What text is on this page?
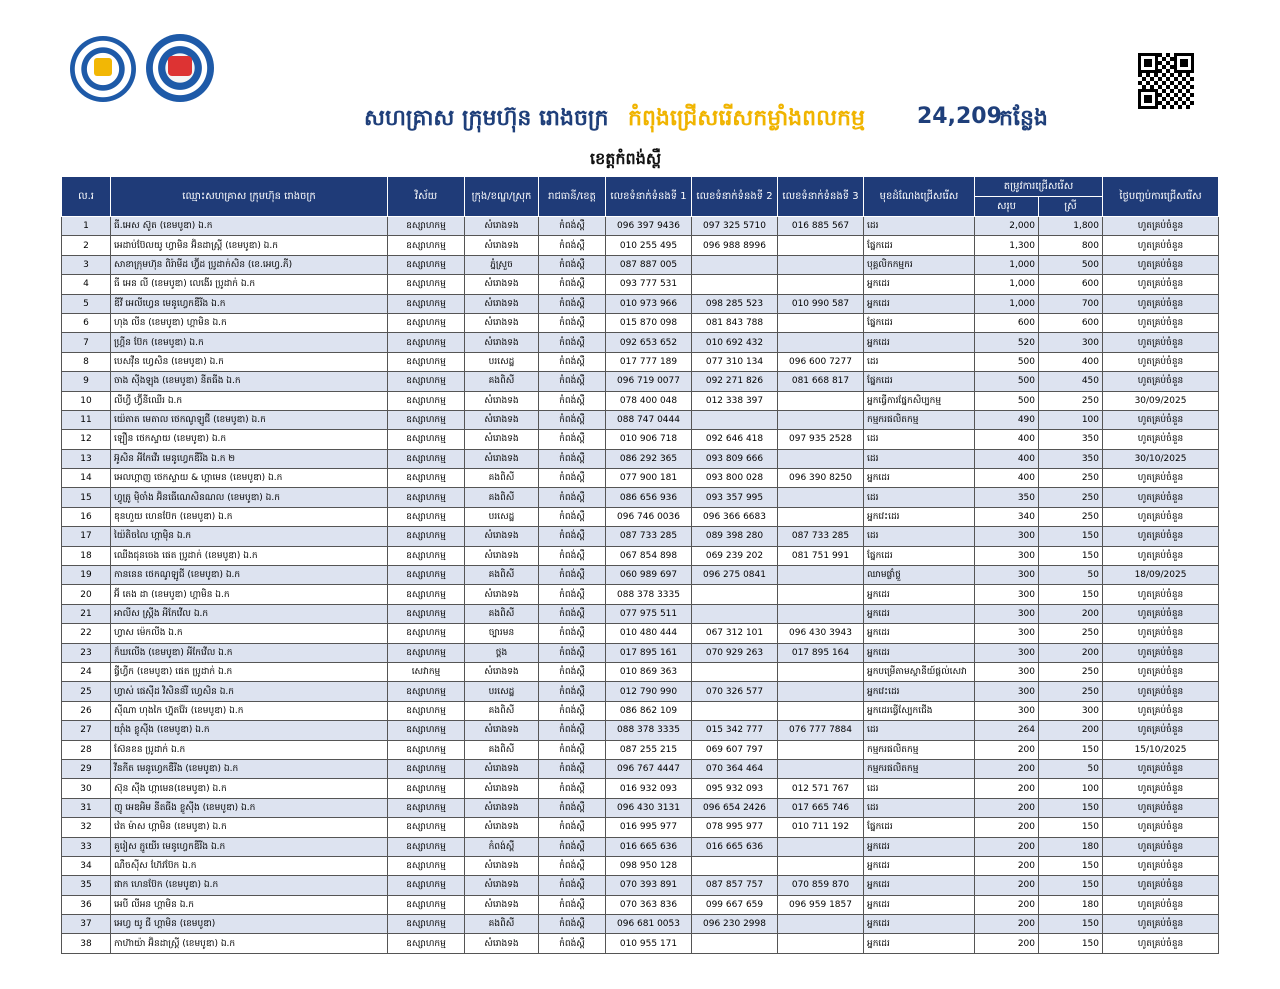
សហគ្រាស ក្រុមហ៊ុន រោងចក្រ កំពុងជ្រើសរើសកម្លាំងពលកម្ម 24,209
កន្លែង
ខេត្តកំពង់ស្ពឺ
ល.រ	ឈ្មោះសហគ្រាស ក្រុមហ៊ុន រោងចក្រ	វិស័យ	ក្រុង/ខណ្ឌ/ស្រុក	រាជធានី/ខេត្ត	លេខទំនាក់ទំនងទី 1	លេខទំនាក់ទំនងទី 2	លេខទំនាក់ទំនងទី 3	មុខដំណែងជ្រើសរើស	តម្រូវការជ្រើសរើស		ថ្ងៃបញ្ចប់ការជ្រើសរើស
									សរុប	ស្រី	
1	ធី.អេស ស៊ូត (ខេមបូឌា) ឯ.ក	ឧស្សាហកម្ម	សំរោងទង	កំពង់ស្ពឺ	096 397 9436	097 325 5710	016 885 567	ដេរ	2,000	1,800	ហូតគ្រប់ចំនួន
2	អេដាប់ប៊ែលយូ ហ្វាមិន អ៊ិនដាស្ត្រី (ខេមបូឌា) ឯ.ក	ឧស្សាហកម្ម	សំរោងទង	កំពង់ស្ពឺ	010 255 495	096 988 8996		ផ្នែកដេរ	1,300	800	ហូតគ្រប់ចំនួន
3	សាខាក្រុមហ៊ុន ពិរ៉ាមីដ ហ្វ៊ីដ ប្រូដាក់សិន (ខេ.អេហ្វ.ភី)	ឧស្សាហកម្ម	ភ្នំស្រួច	កំពង់ស្ពឺ	087 887 005			បុគ្គលិកកម្មករ	1,000	500	ហូតគ្រប់ចំនួន
4	ធី អេន លី (ខេមបូឌា) លេងើរ ប្រូដាក់ ឯ.ក	ឧស្សាហកម្ម	សំរោងទង	កំពង់ស្ពឺ	093 777 531			អ្នកដេរ	1,000	600	ហូតគ្រប់ចំនួន
5	ឌីវី អេលីហ្វេន មេនូហ្វេកឌឺរីង ឯ.ក	ឧស្សាហកម្ម	សំរោងទង	កំពង់ស្ពឺ	010 973 966	098 285 523	010 990 587	អ្នកដេរ	1,000	700	ហូតគ្រប់ចំនួន
6	ហុង លីន (ខេមបូឌា) ហ្គាមិន ឯ.ក	ឧស្សាហកម្ម	សំរោងទង	កំពង់ស្ពឺ	015 870 098	081 843 788		ផ្នែកដេរ	600	600	ហូតគ្រប់ចំនួន
7	ហ្គ្រីន ប៊ែក (ខេមបូឌា) ឯ.ក	ឧស្សាហកម្ម	សំរោងទង	កំពង់ស្ពឺ	092 653 652	010 692 432		អ្នកដេរ	520	300	ហូតគ្រប់ចំនួន
8	បេសវ៉ីន ហ្វេសិន (ខេមបូឌា) ឯ.ក	ឧស្សាហកម្ម	បរសេដ្ឋ	កំពង់ស្ពឺ	017 777 189	077 310 134	096 600 7277	ដេរ	500	400	ហូតគ្រប់ចំនួន
9	ចាង ស៊ីងឡុង (ខេមបូឌា) នីតធីង ឯ.ក	ឧស្សាហកម្ម	គងពិសី	កំពង់ស្ពឺ	096 719 0077	092 271 826	081 668 817	ផ្នែកដេរ	500	450	ហូតគ្រប់ចំនួន
10	លីហ្វី ហ្វ៊ីនីឈើរ ឯ.ក	ឧស្សាហកម្ម	សំរោងទង	កំពង់ស្ពឺ	078 400 048	012 338 397		អ្នកធ្វើការផ្នែកសិប្បកម្ម	500	250	30/09/2025
11	យ៉េតាត មេតាល ថេកណូឡូជី (ខេមបូឌា) ឯ.ក	ឧស្សាហកម្ម	សំរោងទង	កំពង់ស្ពឺ	088 747 0444			កម្មករផលិតកម្ម	490	100	ហូតគ្រប់ចំនួន
12	ឡឿន ថេកស្ទាយ (ខេមបូឌា) ឯ.ក	ឧស្សាហកម្ម	សំរោងទង	កំពង់ស្ពឺ	010 906 718	092 646 418	097 935 2528	ដេរ	400	350	ហូតគ្រប់ចំនួន
13	អ៊ូសិន អីកែវើរ មេនូហ្វេកឌឺរីង ឯ.ក ២	ឧស្សាហកម្ម	សំរោងទង	កំពង់ស្ពឺ	086 292 365	093 809 666		ដេរ	400	350	30/10/2025
14	អេលហ្គាញ ថេកស្ទាយ & ហ្គាមេន (ខេមបូឌា) ឯ.ក	ឧស្សាហកម្ម	គងពិសី	កំពង់ស្ពឺ	077 900 181	093 800 028	096 390 8250	អ្នកដេរ	400	250	ហូតគ្រប់ចំនួន
15	ហ្វូត្រូ ម៉ិចាំង អ៊ិនធើណេសិនណល (ខេមបូឌា) ឯ.ក	ឧស្សាហកម្ម	គងពិសី	កំពង់ស្ពឺ	086 656 936	093 357 995		ដេរ	350	250	ហូតគ្រប់ចំនួន
16	ឌុនហួយ ហេនប៊ែក (ខេមបូឌា) ឯ.ក	ឧស្សាហកម្ម	បរសេដ្ឋ	កំពង់ស្ពឺ	096 746 0036	096 366 6683		អ្នកវេះដេរ	340	250	ហូតគ្រប់ចំនួន
17	យ៉ៃតិចលៃ ហ្គាម៉ិន ឯ.ក	ឧស្សាហកម្ម	សំរោងទង	កំពង់ស្ពឺ	087 733 285	089 398 280	087 733 285	ដេរ	300	150	ហូតគ្រប់ចំនួន
18	ឈើងជុនចេង ផេត ប្រូដាក់ (ខេមបូឌា) ឯ.ក	ឧស្សាហកម្ម	សំរោងទង	កំពង់ស្ពឺ	067 854 898	069 239 202	081 751 991	ផ្នែកដេរ	300	150	ហូតគ្រប់ចំនួន
19	កាននេន ថេកណូឡូជី (ខេមបូឌា) ឯ.ក	ឧស្សាហកម្ម	គងពិសី	កំពង់ស្ពឺ	060 989 697	096 275 0841		ឈាមផ្លាំថ្លួ	300	50	18/09/2025
20	អ៊ី តេង ដា (ខេមបូឌា) ហ្គាមិន ឯ.ក	ឧស្សាហកម្ម	សំរោងទង	កំពង់ស្ពឺ	088 378 3335			អ្នកដេរ	300	150	ហូតគ្រប់ចំនួន
21	អាលីស ស្ត្រីង អីកែវើល ឯ.ក	ឧស្សាហកម្ម	គងពិសី	កំពង់ស្ពឺ	077 975 511			អ្នកដេរ	300	200	ហូតគ្រប់ចំនួន
22	ហ្វាស ម៉េកលីង ឯ.ក	ឧស្សាហកម្ម	ច្បារមន	កំពង់ស្ពឺ	010 480 444	067 312 101	096 430 3943	អ្នកដេរ	300	250	ហូតគ្រប់ចំនួន
23	ក៏ឃលើង (ខេមបូឌា) អីកែវើល ឯ.ក	ឧស្សាហកម្ម	ថ្ពង	កំពង់ស្ពឺ	017 895 161	070 929 263	017 895 164	អ្នកដេរ	300	200	ហូតគ្រប់ចំនួន
24	ផ្វីហ្វីក (ខេមបូឌា) ផេត ប្រូដាក់ ឯ.ក	សេវាកម្ម	សំរោងទង	កំពង់ស្ពឺ	010 869 363			អ្នកបម្រើតាមស្ថានីយ៍ផ្តល់សេវា	300	250	ហូតគ្រប់ចំនួន
25	ហ្វាស់ ផេស៊ីដ វិសិនន័រី ហ្វេសិន ឯ.ក	ឧស្សាហកម្ម	បរសេដ្ឋ	កំពង់ស្ពឺ	012 790 990	070 326 577		អ្នកវេះដេរ	300	250	ហូតគ្រប់ចំនួន
26	ស៊ីណា ហុងកៃ ហ្វ៊ុតវ៉ែរ (ខេមបូឌា) ឯ.ក	ឧស្សាហកម្ម	គងពិសី	កំពង់ស្ពឺ	086 862 109			អ្នកដេរធ្វើស្បែកជើង	300	300	ហូតគ្រប់ចំនួន
27	យ៉ាំង ខ្លូស៊ីង (ខេមបូឌា) ឯ.ក	ឧស្សាហកម្ម	សំរោងទង	កំពង់ស្ពឺ	088 378 3335	015 342 777	076 777 7884	ដេរ	264	200	ហូតគ្រប់ចំនួន
28	ស៊ែនខន ប្រូដាក់ ឯ.ក	ឧស្សាហកម្ម	គងពិសី	កំពង់ស្ពឺ	087 255 215	069 607 797		កម្មករផលិតកម្ម	200	150	15/10/2025
29	វីនកីត មេនូហ្វេកឌឺរីង (ខេមបូឌា) ឯ.ក	ឧស្សាហកម្ម	សំរោងទង	កំពង់ស្ពឺ	096 767 4447	070 364 464		កម្មករផលិតកម្ម	200	50	ហូតគ្រប់ចំនួន
30	ស៊ុន ស៊ីង ហ្គាមេន(ខេមបូឌា) ឯ.ក	ឧស្សាហកម្ម	សំរោងទង	កំពង់ស្ពឺ	016 932 093	095 932 093	012 571 767	ដេរ	200	100	ហូតគ្រប់ចំនួន
31	ញូ អេឌអិម នីតធីង ខ្លូស៊ីង (ខេមបូឌា) ឯ.ក	ឧស្សាហកម្ម	សំរោងទង	កំពង់ស្ពឺ	096 430 3131	096 654 2426	017 665 746	ដេរ	200	150	ហូតគ្រប់ចំនួន
32	វ៉េត ម៉ាស ហ្គាមិន (ខេមបូឌា) ឯ.ក	ឧស្សាហកម្ម	សំរោងទង	កំពង់ស្ពឺ	016 995 977	078 995 977	010 711 192	ផ្នែកដេរ	200	150	ហូតគ្រប់ចំនួន
33	គួរៀស ភ្ជូយើរ មេនូហ្វេកឌឺរីង ឯ.ក	ឧស្សាហកម្ម	កំពង់ស្ពឺ	កំពង់ស្ពឺ	016 665 636	016 665 636		អ្នកដេរ	200	180	ហូតគ្រប់ចំនួន
34	ណឺចស៊ីស ហ៊ែវប៊ែក ឯ.ក	ឧស្សាហកម្ម	សំរោងទង	កំពង់ស្ពឺ	098 950 128			អ្នកដេរ	200	150	ហូតគ្រប់ចំនួន
35	ផាក ហេនប៊ែក (ខេមបូឌា) ឯ.ក	ឧស្សាហកម្ម	សំរោងទង	កំពង់ស្ពឺ	070 393 891	087 857 757	070 859 870	អ្នកដេរ	200	150	ហូតគ្រប់ចំនួន
36	អេបី លីអន ហ្គាមិន ឯ.ក	ឧស្សាហកម្ម	សំរោងទង	កំពង់ស្ពឺ	070 363 836	099 667 659	096 959 1857	អ្នកដេរ	200	180	ហូតគ្រប់ចំនួន
37	អេហ្វ យូ ជី ហ្គាមិន (ខេមបូឌា)	ឧស្សាហកម្ម	គងពិសី	កំពង់ស្ពឺ	096 681 0053	096 230 2998		អ្នកដេរ	200	150	ហូតគ្រប់ចំនួន
38	កាហ៊ាយ៉ា អ៊ិនដាស្ត្រី (ខេមបូឌា) ឯ.ក	ឧស្សាហកម្ម	សំរោងទង	កំពង់ស្ពឺ	010 955 171			អ្នកដេរ	200	150	ហូតគ្រប់ចំនួន
